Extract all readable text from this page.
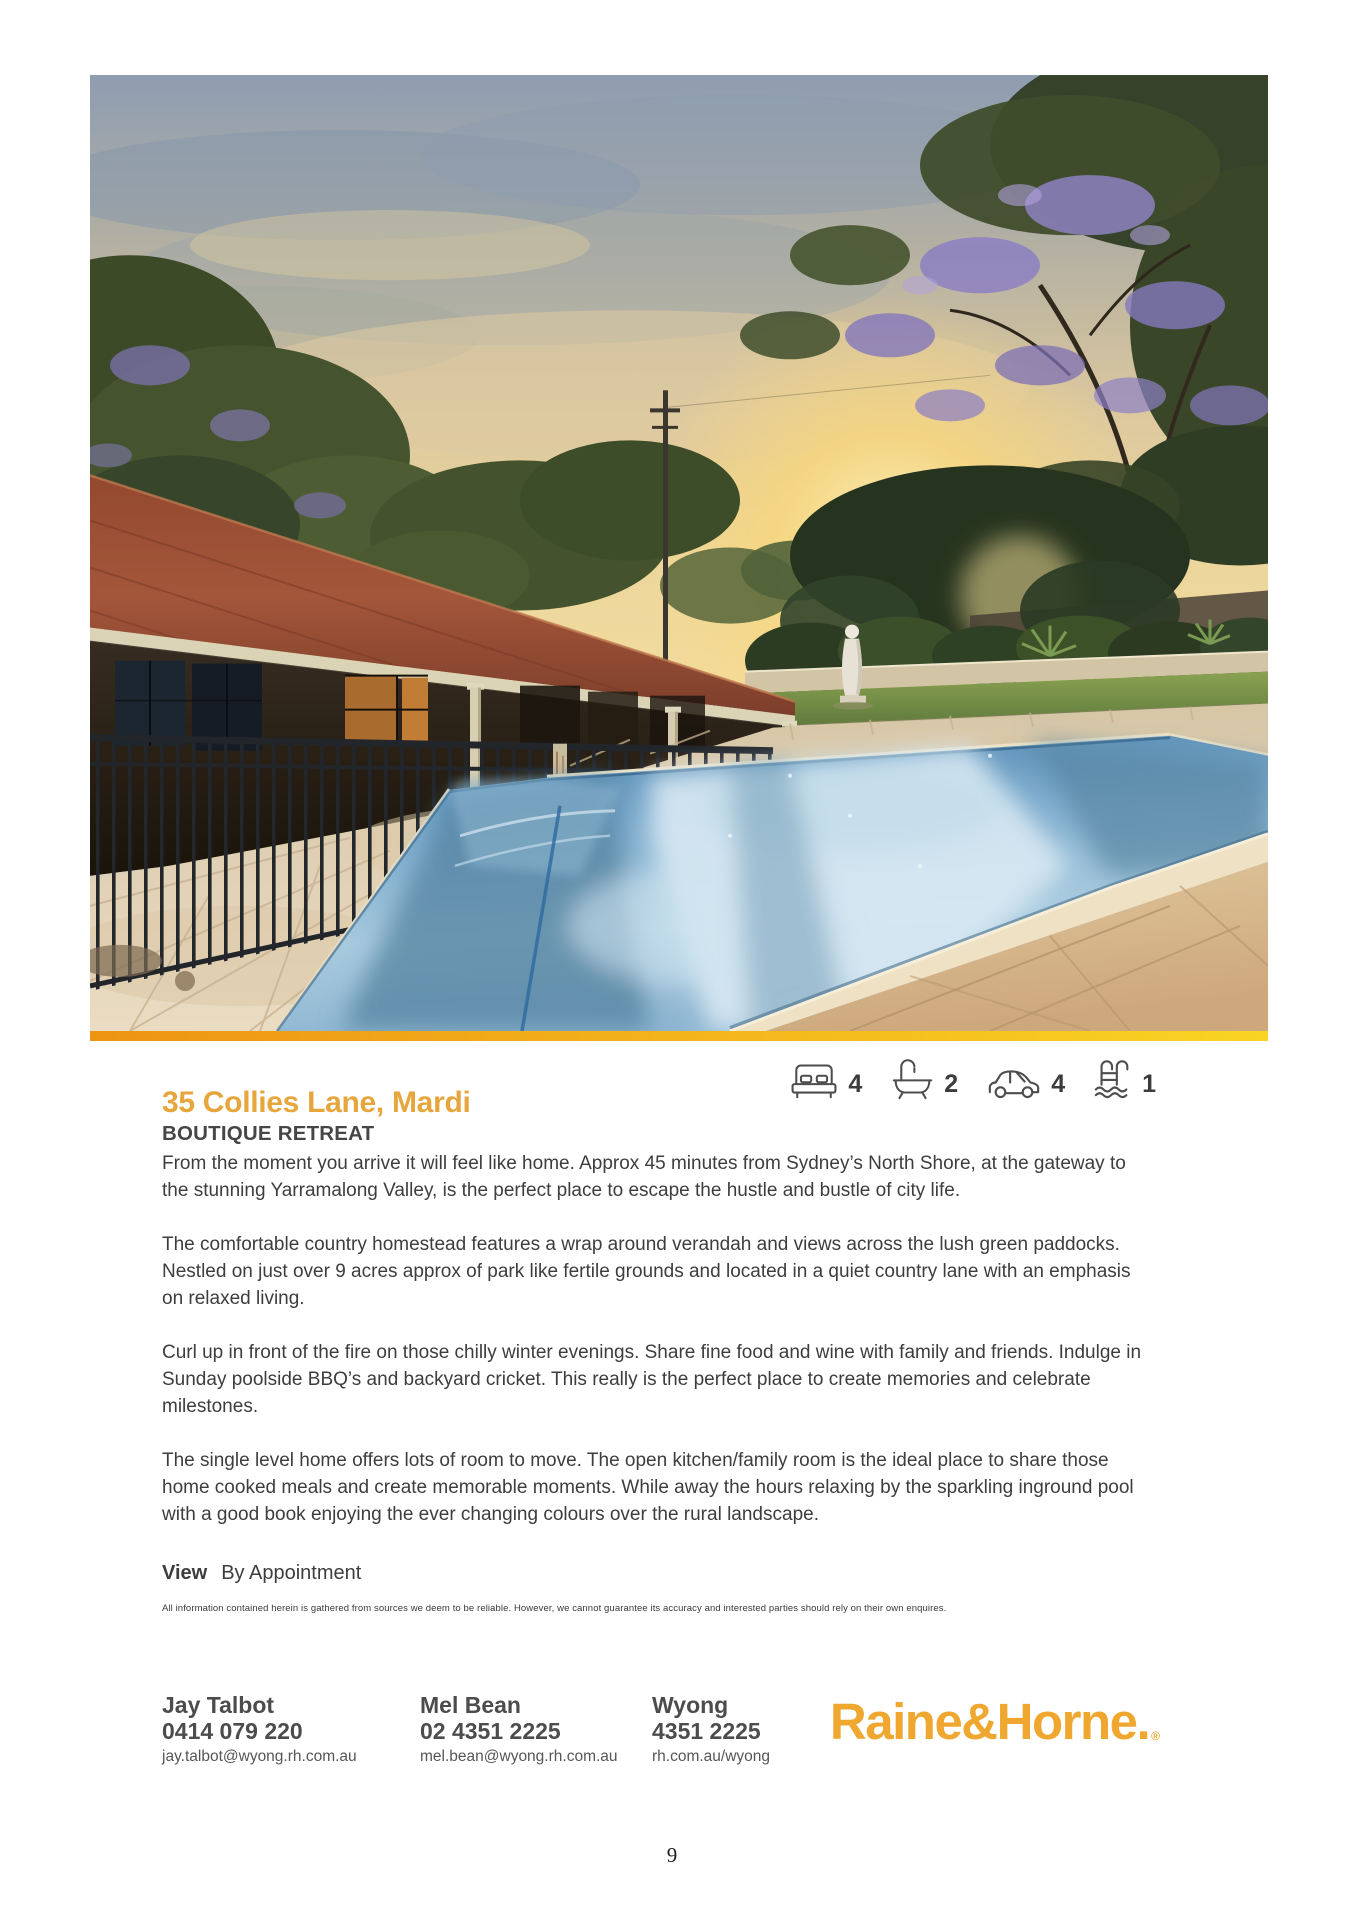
35 Collies Lane, Mardi
4	2	4	1
BOUTIQUE RETREAT

From the moment you arrive it will feel like home. Approx 45 minutes from Sydney’s North Shore, at the gateway to the stunning Yarramalong Valley, is the perfect place to escape the hustle and bustle of city life.

The comfortable country homestead features a wrap around verandah and views across the lush green paddocks. Nestled on just over 9 acres approx of park like fertile grounds and located in a quiet country lane with an emphasis on relaxed living.

Curl up in front of the fire on those chilly winter evenings. Share fine food and wine with family and friends. Indulge in Sunday poolside BBQ’s and backyard cricket. This really is the perfect place to create memories and celebrate milestones.

The single level home offers lots of room to move. The open kitchen/family room is the ideal place to share those home cooked meals and create memorable moments. While away the hours relaxing by the sparkling inground pool with a good book enjoying the ever changing colours over the rural landscape.

View By Appointment
All information contained herein is gathered from sources we deem to be reliable. However, we cannot guarantee its accuracy and interested parties should rely on their own enquires.
Jay Talbot
0414 079 220
jay.talbot@wyong.rh.com.au
Mel Bean
02 4351 2225
mel.bean@wyong.rh.com.au
Wyong
4351 2225
rh.com.au/wyong
Raine&Horne. ®
9
